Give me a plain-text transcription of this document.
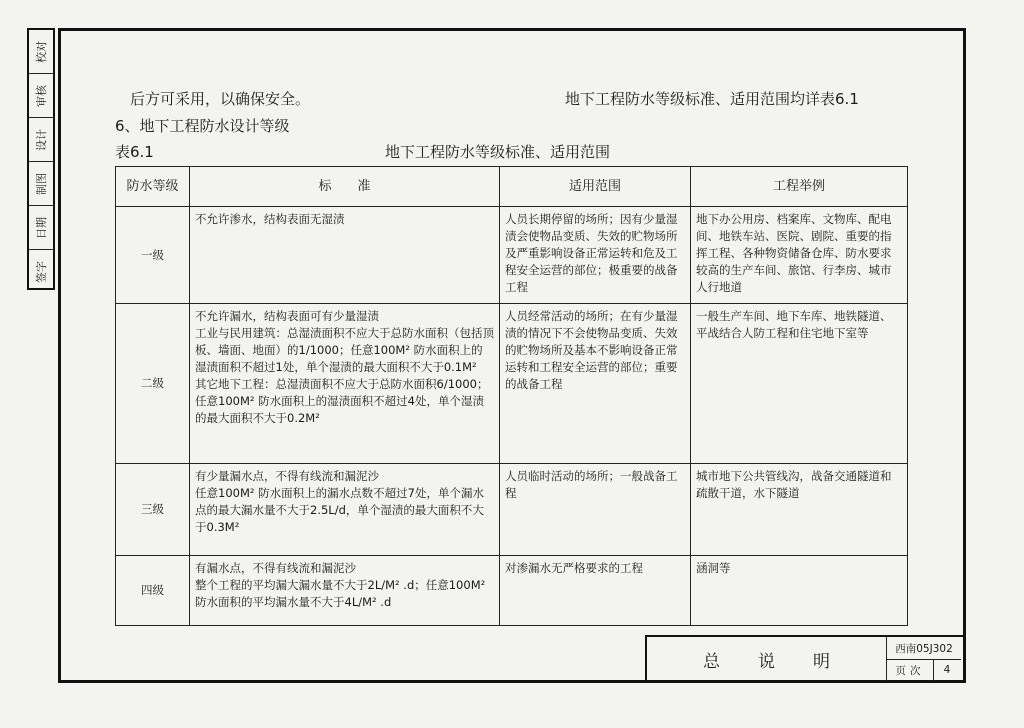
校对
审核
设计
制图
日期
签字
后方可采用，以确保安全。	地下工程防水等级标准、适用范围均详表6.1
6、地下工程防水设计等级
表6.1	地下工程防水等级标准、适用范围
防水等级	标　　准	适用范围	工程举例
一级	不允许渗水，结构表面无湿渍	人员长期停留的场所；因有少量湿渍会使物品变质、失效的贮物场所及严重影响设备正常运转和危及工程安全运营的部位；极重要的战备工程	地下办公用房、档案库、文物库、配电间、地铁车站、医院、剧院、重要的指挥工程、各种物资储备仓库、防水要求较高的生产车间、旅馆、行李房、城市人行地道
二级	不允许漏水，结构表面可有少量湿渍
工业与民用建筑：总湿渍面积不应大于总防水面积（包括顶板、墙面、地面）的1/1000；任意100M² 防水面积上的湿渍面积不超过1处，单个湿渍的最大面积不大于0.1M²
其它地下工程：总湿渍面积不应大于总防水面积6/1000；任意100M² 防水面积上的湿渍面积不超过4处，单个湿渍的最大面积不大于0.2M²	人员经常活动的场所；在有少量湿渍的情况下不会使物品变质、失效的贮物场所及基本不影响设备正常运转和工程安全运营的部位；重要的战备工程	一般生产车间、地下车库、地铁隧道、平战结合人防工程和住宅地下室等
三级	有少量漏水点，不得有线流和漏泥沙
任意100M² 防水面积上的漏水点数不超过7处，单个漏水点的最大漏水量不大于2.5L/d，单个湿渍的最大面积不大于0.3M²	人员临时活动的场所；一般战备工程	城市地下公共管线沟，战备交通隧道和疏散干道，水下隧道
四级	有漏水点，不得有线流和漏泥沙
整个工程的平均漏大漏水量不大于2L/M² .d；任意100M² 防水面积的平均漏水量不大于4L/M² .d	对渗漏水无严格要求的工程	涵洞等
总说明
西南05J302
页次	4
